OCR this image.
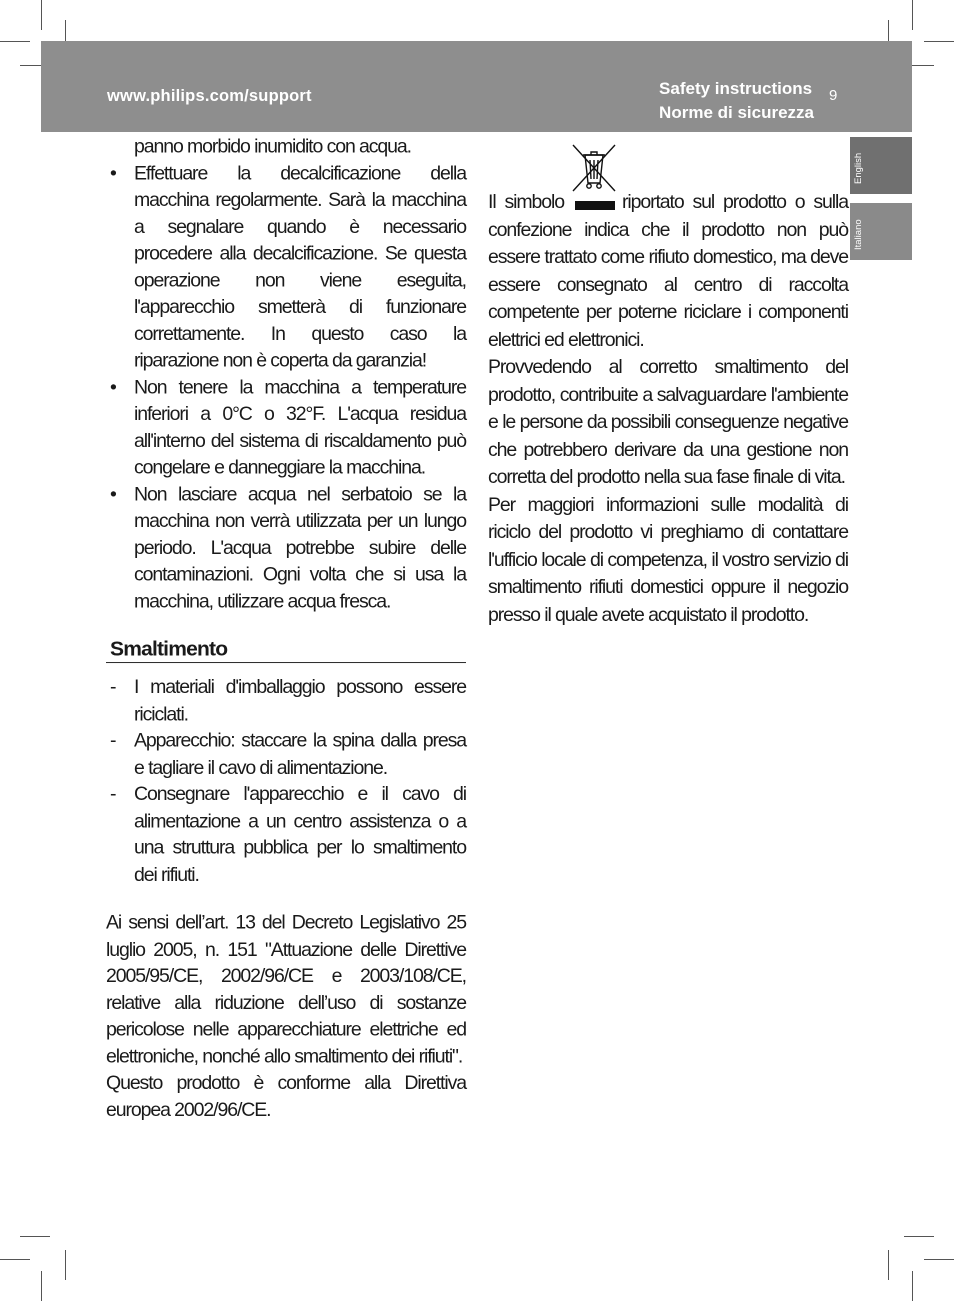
www.philips.com/support	Safety instructions
Norme di sicurezza
9
English
Italiano

panno morbido inumidito con acqua.

• Effettuare la decalcificazione della macchina regolarmente. Sarà la macchina a segnalare quando è necessario procedere alla decalcificazione. Se questa operazione non viene eseguita, l'apparecchio smetterà di funzionare correttamente. In questo caso la riparazione non è coperta da garanzia!
• Non tenere la macchina a temperature inferiori a 0°C o 32°F. L'acqua residua all'interno del sistema di riscaldamento può congelare e danneggiare la macchina.
• Non lasciare acqua nel serbatoio se la macchina non verrà utilizzata per un lungo periodo. L'acqua potrebbe subire delle contaminazioni. Ogni volta che si usa la macchina, utilizzare acqua fresca.
Smaltimento
- I materiali d'imballaggio possono essere riciclati.
- Apparecchio: staccare la spina dalla presa e tagliare il cavo di alimentazione.
- Consegnare l'apparecchio e il cavo di alimentazione a un centro assistenza o a una struttura pubblica per lo smaltimento dei rifiuti.

Ai sensi dell’art. 13 del Decreto Legislativo 25 luglio 2005, n. 151 "Attuazione delle Direttive 2005/95/CE, 2002/96/CE e 2003/108/CE, relative alla riduzione dell’uso di sostanze pericolose nelle apparecchiature elettriche ed elettroniche, nonché allo smaltimento dei rifiuti".

Questo prodotto è conforme alla Direttiva europea 2002/96/CE.

Il simbolo	riportato sul prodotto o sulla confezione indica che il prodotto non può essere trattato come rifiuto domestico, ma deve essere consegnato al centro di raccolta competente per poterne riciclare i componenti elettrici ed elettronici.

Provvedendo al corretto smaltimento del prodotto, contribuite a salvaguardare l'ambiente e le persone da possibili conseguenze negative che potrebbero derivare da una gestione non corretta del prodotto nella sua fase finale di vita.

Per maggiori informazioni sulle modalità di riciclo del prodotto vi preghiamo di contattare l'ufficio locale di competenza, il vostro servizio di smaltimento rifiuti domestici oppure il negozio presso il quale avete acquistato il prodotto.
